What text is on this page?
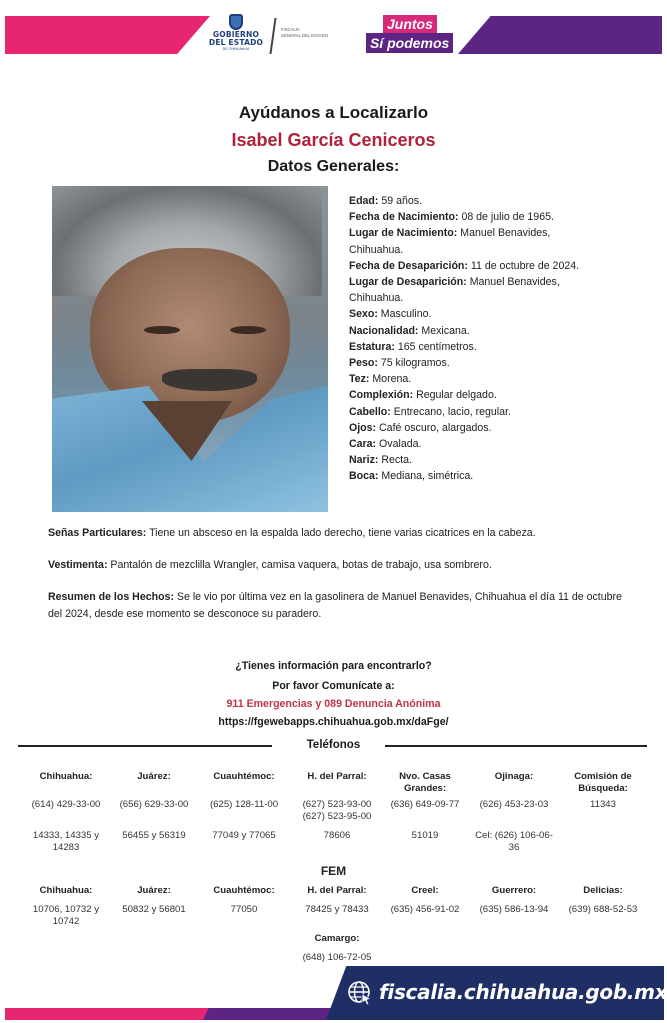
GOBIERNO
DEL ESTADO
DE CHIHUAHUA
FISCALÍA
GENERAL DEL ESTADO
Juntos
Sí podemos
Ayúdanos a Localizarlo
Isabel García Ceniceros
Datos Generales:
Edad: 59 años.
Fecha de Nacimiento: 08 de julio de 1965.
Lugar de Nacimiento: Manuel Benavides, Chihuahua.
Fecha de Desaparición: 11 de octubre de 2024.
Lugar de Desaparición: Manuel Benavides, Chihuahua.
Sexo: Masculino.
Nacionalidad: Mexicana.
Estatura: 165 centímetros.
Peso: 75 kilogramos.
Tez: Morena.
Complexión: Regular delgado.
Cabello: Entrecano, lacio, regular.
Ojos: Café oscuro, alargados.
Cara: Ovalada.
Nariz: Recta.
Boca: Mediana, simétrica.
Señas Particulares: Tiene un absceso en la espalda lado derecho, tiene varias cicatrices en la cabeza.
Vestimenta: Pantalón de mezclilla Wrangler, camisa vaquera, botas de trabajo, usa sombrero.
Resumen de los Hechos: Se le vio por última vez en la gasolinera de Manuel Benavides, Chihuahua el día 11 de octubre del 2024, desde ese momento se desconoce su paradero.
¿Tienes información para encontrarlo?
Por favor Comunícate a:
911 Emergencias y 089 Denuncia Anónima
https://fgewebapps.chihuahua.gob.mx/daFge/
Teléfonos
Chihuahua:
(614) 429-33-00
14333, 14335 y 14283
Juárez:
(656) 629-33-00
56455 y 56319
Cuauhtémoc:
(625) 128-11-00
77049 y 77065
H. del Parral:
(627) 523-93-00 (627) 523-95-00
78606
Nvo. Casas Grandes:
(636) 649-09-77
51019
Ojinaga:
(626) 453-23-03
Cel: (626) 106-06-36
Comisión de Búsqueda:
11343
FEM
Chihuahua:
10706, 10732 y 10742
Juárez:
50832 y 56801
Cuauhtémoc:
77050
H. del Parral:
78425 y 78433
Creel:
(635) 456-91-02
Guerrero:
(635) 586-13-94
Delicias:
(639) 688-52-53
Camargo:
(648) 106-72-05
fiscalia.chihuahua.gob.mx
